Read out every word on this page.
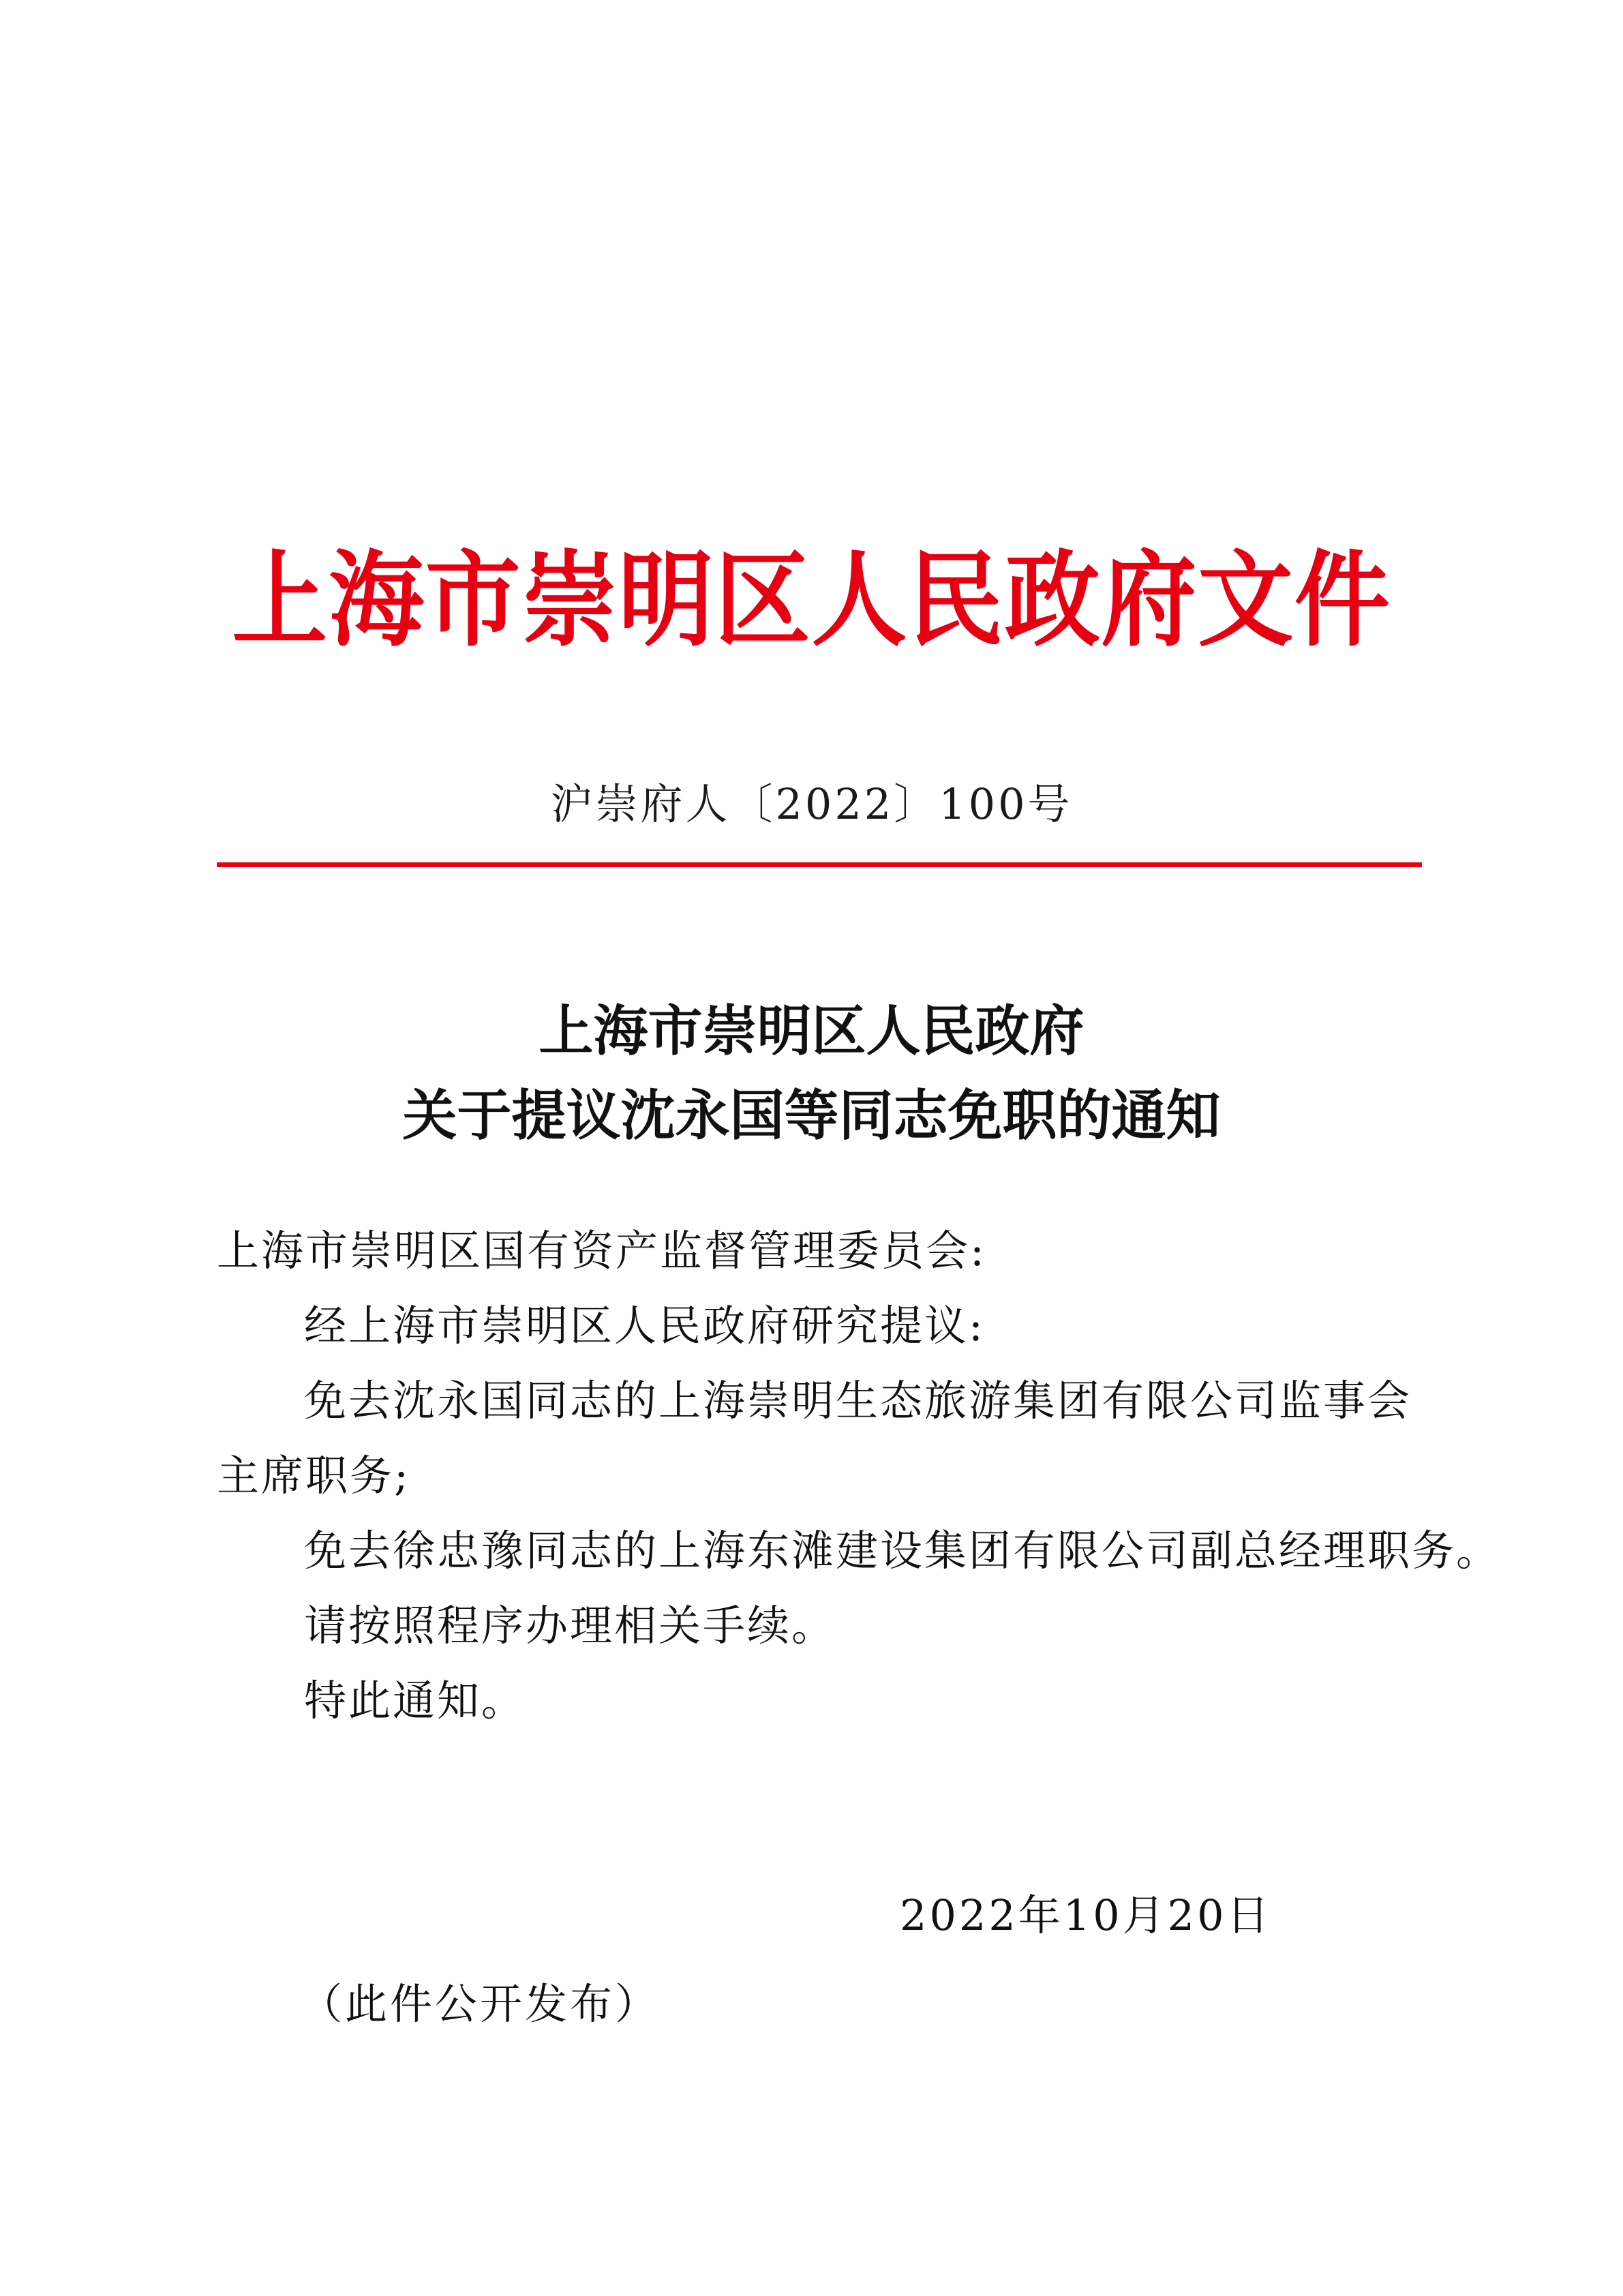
上海市崇明区人民政府文件
沪崇府人〔2022〕100号
上海市崇明区人民政府
关于提议沈永国等同志免职的通知

上海市崇明区国有资产监督管理委员会:

经上海市崇明区人民政府研究提议:

免去沈永国同志的上海崇明生态旅游集团有限公司监事会

主席职务;

免去徐忠豫同志的上海东滩建设集团有限公司副总经理职务。

请按照程序办理相关手续。

特此通知。

2022年10月20日
（此件公开发布）
